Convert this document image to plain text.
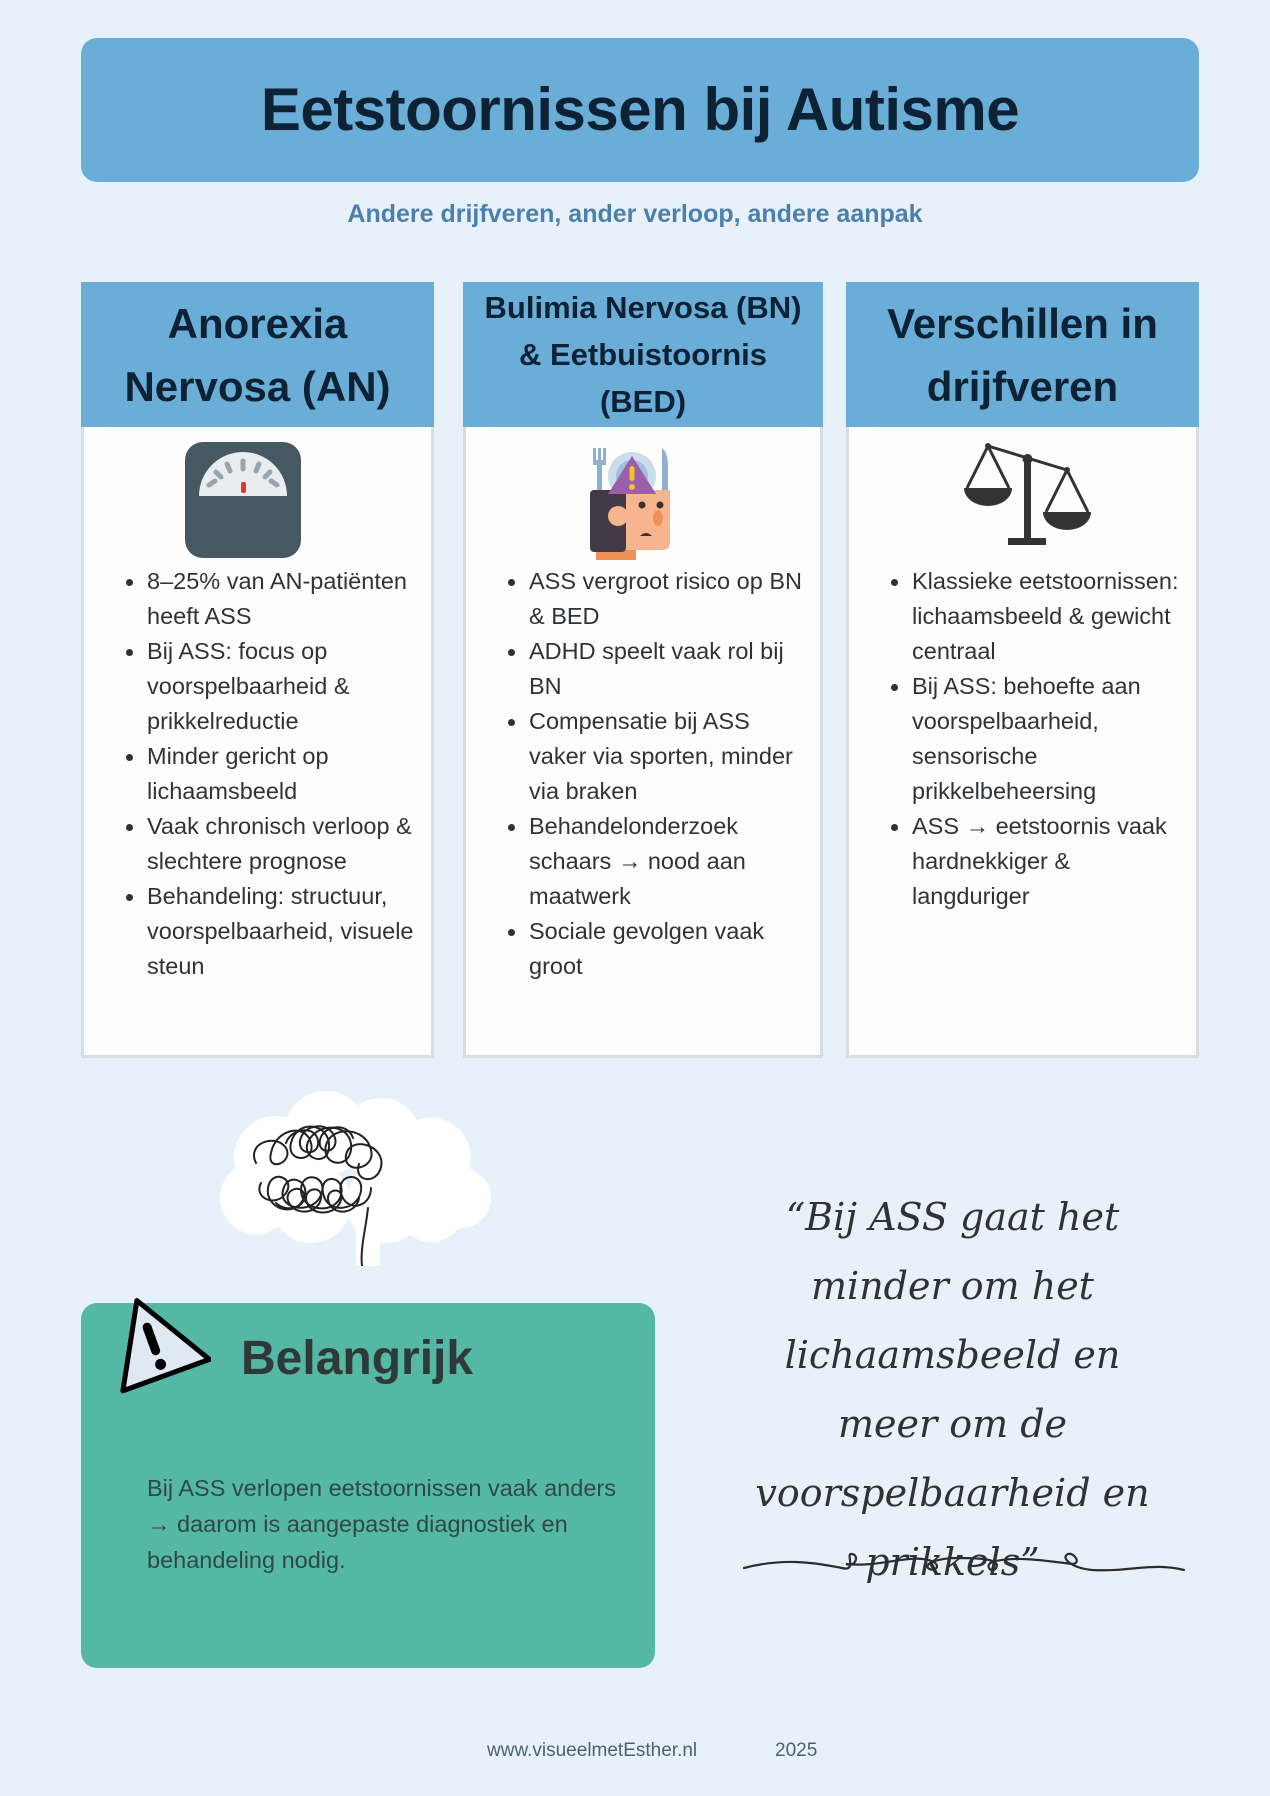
Eetstoornissen bij Autisme
Andere drijfveren, ander verloop, andere aanpak
Anorexia Nervosa (AN)
8–25% van AN-patiënten heeft ASS
Bij ASS: focus op voorspelbaarheid & prikkelreductie
Minder gericht op lichaamsbeeld
Vaak chronisch verloop & slechtere prognose
Behandeling: structuur, voorspelbaarheid, visuele steun
Bulimia Nervosa (BN) & Eetbuistoornis (BED)
ASS vergroot risico op BN & BED
ADHD speelt vaak rol bij BN
Compensatie bij ASS vaker via sporten, minder via braken
Behandelonderzoek schaars → nood aan maatwerk
Sociale gevolgen vaak groot
Verschillen in drijfveren
Klassieke eetstoornissen: lichaamsbeeld & gewicht centraal
Bij ASS: behoefte aan voorspelbaarheid, sensorische prikkelbeheersing
ASS → eetstoornis vaak hardnekkiger & langduriger
Belangrijk
Bij ASS verlopen eetstoornissen vaak anders → daarom is aangepaste diagnostiek en behandeling nodig.
“Bij ASS gaat het minder om het lichaamsbeeld en meer om de voorspelbaarheid en prikkels”
www.visueelmetEsther.nl	2025
